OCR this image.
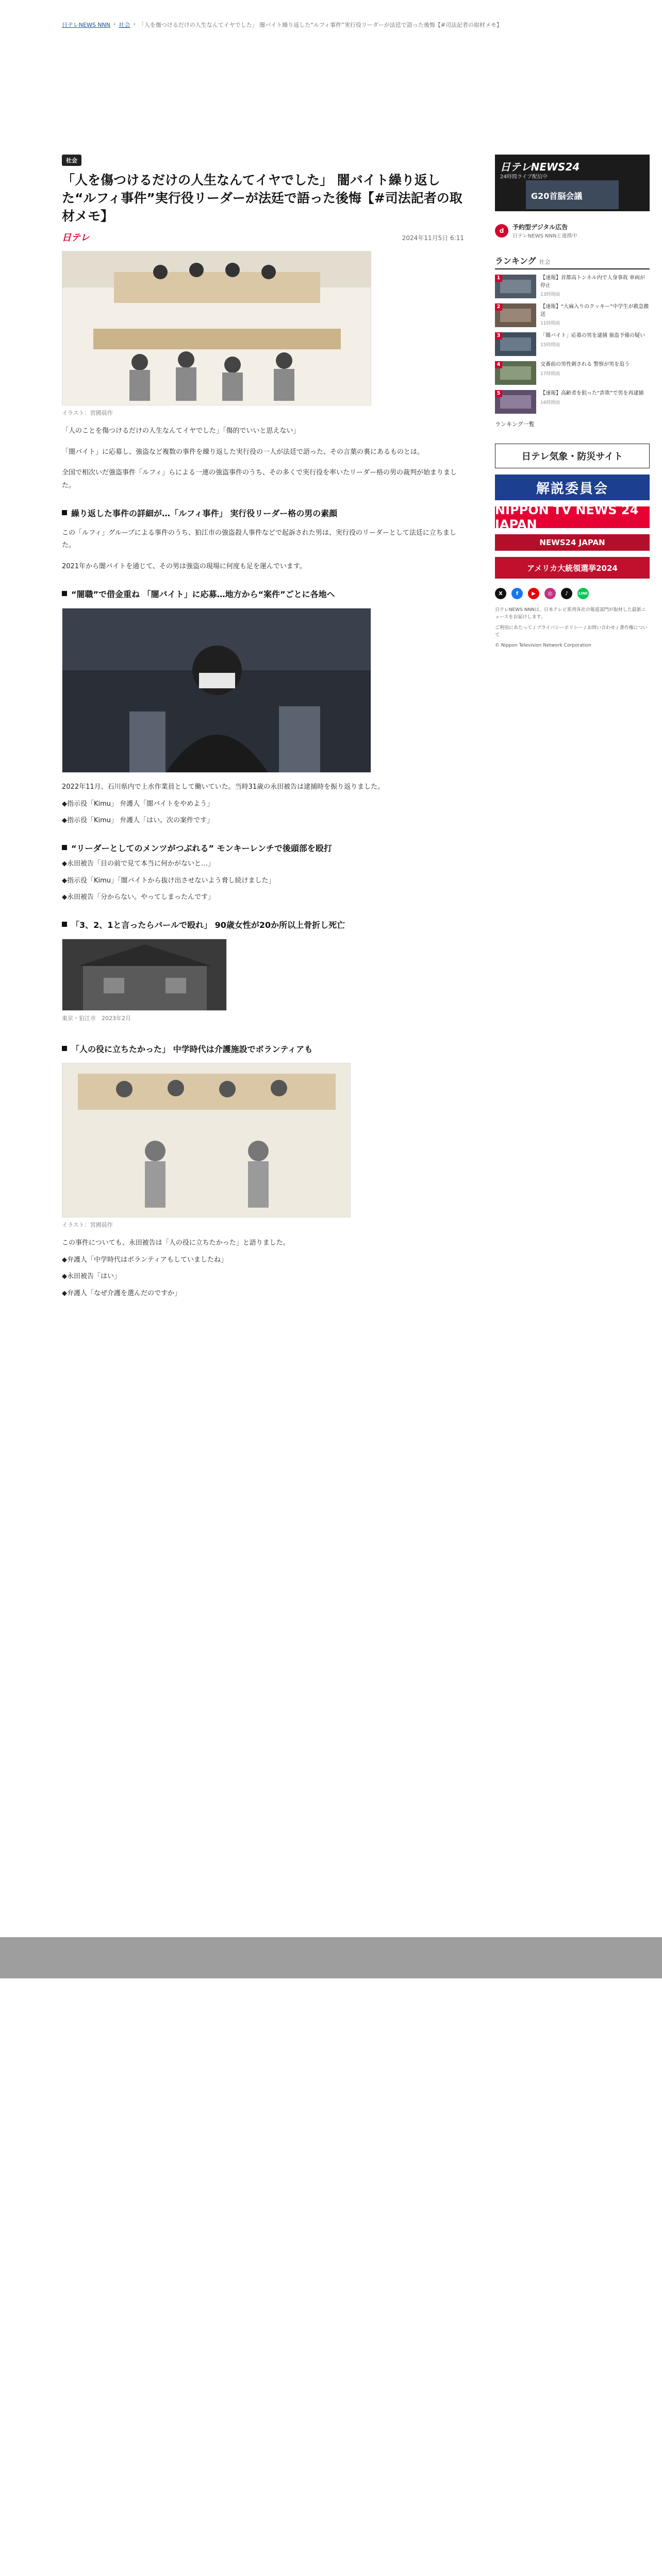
日テレNEWS NNN › 社会 › 「人を傷つけるだけの人生なんてイヤでした」 闇バイト繰り返した“ルフィ事件”実行役リーダーが法廷で語った後悔【#司法記者の取材メモ】
社会
「人を傷つけるだけの人生なんてイヤでした」 闇バイト繰り返した“ルフィ事件”実行役リーダーが法廷で語った後悔【#司法記者の取材メモ】
日テレ	2024年11月5日 6:11
イラスト：宮國晨作

「人のことを傷つけるだけの人生なんてイヤでした」「傷的でいいと思えない」

「闇バイト」に応募し、強盗など複数の事件を繰り返した実行役の一人が法廷で語った、その言葉の裏にあるものとは。

全国で相次いだ強盗事件「ルフィ」らによる一連の強盗事件のうち、その多くで実行役を率いたリーダー格の男の裁判が始まりました。

繰り返した事件の詳細が…「ルフィ事件」 実行役リーダー格の男の素顔

この「ルフィ」グループによる事件のうち、狛江市の強盗殺人事件などで起訴された男は、実行役のリーダーとして法廷に立ちました。

2021年から闇バイトを通じて、その男は強盗の現場に何度も足を運んでいます。

“闇職”で借金重ね 「闇バイト」に応募…地方から“案件”ごとに各地へ

2022年11月、石川県内で上水作業員として働いていた。当時31歳の永田被告は逮捕時を振り返りました。

◆指示役「Kimu」 弁護人「闇バイトをやめよう」

◆指示役「Kimu」 弁護人「はい。次の案件です」

“リーダーとしてのメンツがつぶれる” モンキーレンチで後頭部を殴打

◆永田被告「目の前で見て本当に何かがないと…」

◆指示役「Kimu」「闇バイトから抜け出させないよう脅し続けました」

◆永田被告「分からない。やってしまったんです」

「3、2、1と言ったらバールで殴れ」 90歳女性が20か所以上骨折し死亡
東京・狛江市　2023年2月
「人の役に立ちたかった」 中学時代は介護施設でボランティアも
イラスト：宮國晨作

この事件についても、永田被告は「人の役に立ちたかった」と語りました。

◆弁護人「中学時代はボランティアもしていましたね」

◆永田被告「はい」

◆弁護人「なぜ介護を選んだのですか」

日テレNEWS24
24時間ライブ配信中
G20首脳会議
d	予約型デジタル広告
日テレNEWS NNNと連携中
ランキング 社会
1	【速報】首都高トンネル内で人身事故 車両が停止
13時間前
2	【速報】“大麻入りのクッキー”中学生が救急搬送
11時間前
3	「闇バイト」応募の男を逮捕 強盗予備の疑い
15時間前
4	交番前の男性刺される 警察が男を追う
17時間前
5	【速報】高齢者を狙った“詐欺”で男を再逮捕
16時間前
ランキング一覧
日テレ気象・防災サイト
解説委員会
NIPPON TV NEWS 24 JAPAN
NEWS24 JAPAN
アメリカ大統領選挙2024
X	f	▶	◎	♪	LINE

日テレNEWS NNNは、日本テレビ系列各社の報道部門が取材した最新ニュースをお届けします。

ご利用にあたって / プライバシーポリシー / お問い合わせ / 著作権について

© Nippon Television Network Corporation
